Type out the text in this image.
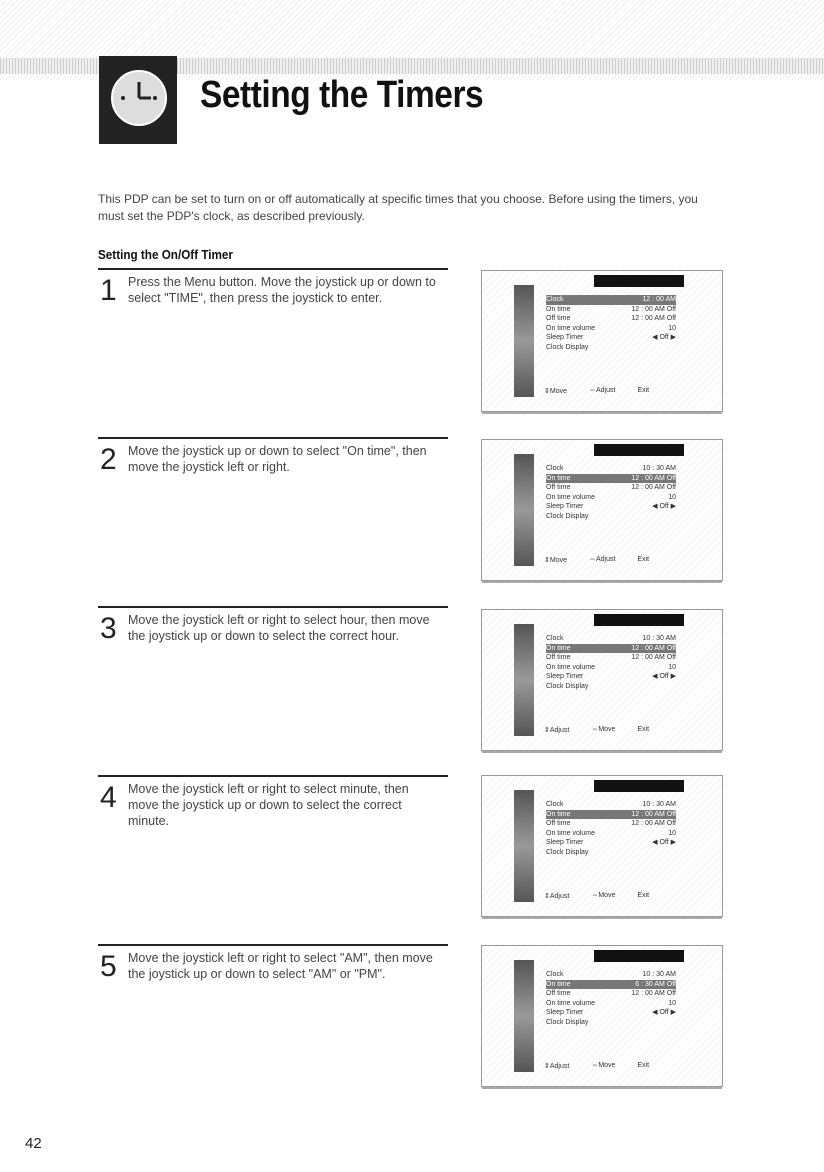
Setting the Timers
This PDP can be set to turn on or off automatically at specific times that you choose. Before using the timers, you must set the PDP's clock, as described previously.
Setting the On/Off Timer
1 Press the Menu button. Move the joystick up or down to select "TIME", then press the joystick to enter.
2 Move the joystick up or down to select "On time", then move the joystick left or right.
3 Move the joystick left or right to select hour, then move the joystick up or down to select the correct hour.
4 Move the joystick left or right to select minute, then move the joystick up or down to select the correct minute.
5 Move the joystick left or right to select "AM", then move the joystick up or down to select "AM" or "PM".
Clock	12 : 00 AM
On time	12 : 00 AM Off
Off time	12 : 00 AM Off
On time volume	10
Sleep Timer	◀ Off ▶
Clock Display
⇕Move	⇔Adjust	Exit
Clock	10 : 30 AM
On time	12 : 00 AM Off
Off time	12 : 00 AM Off
On time volume	10
Sleep Timer	◀ Off ▶
Clock Display
⇕Move	⇔Adjust	Exit
Clock	10 : 30 AM
On time	12 : 00 AM Off
Off time	12 : 00 AM Off
On time volume	10
Sleep Timer	◀ Off ▶
Clock Display
⇕Adjust	⇔Move	Exit
Clock	10 : 30 AM
On time	12 : 00 AM Off
Off time	12 : 00 AM Off
On time volume	10
Sleep Timer	◀ Off ▶
Clock Display
⇕Adjust	⇔Move	Exit
Clock	10 : 30 AM
On time	6 : 30 AM Off
Off time	12 : 00 AM Off
On time volume	10
Sleep Timer	◀ Off ▶
Clock Display
⇕Adjust	⇔Move	Exit
42
